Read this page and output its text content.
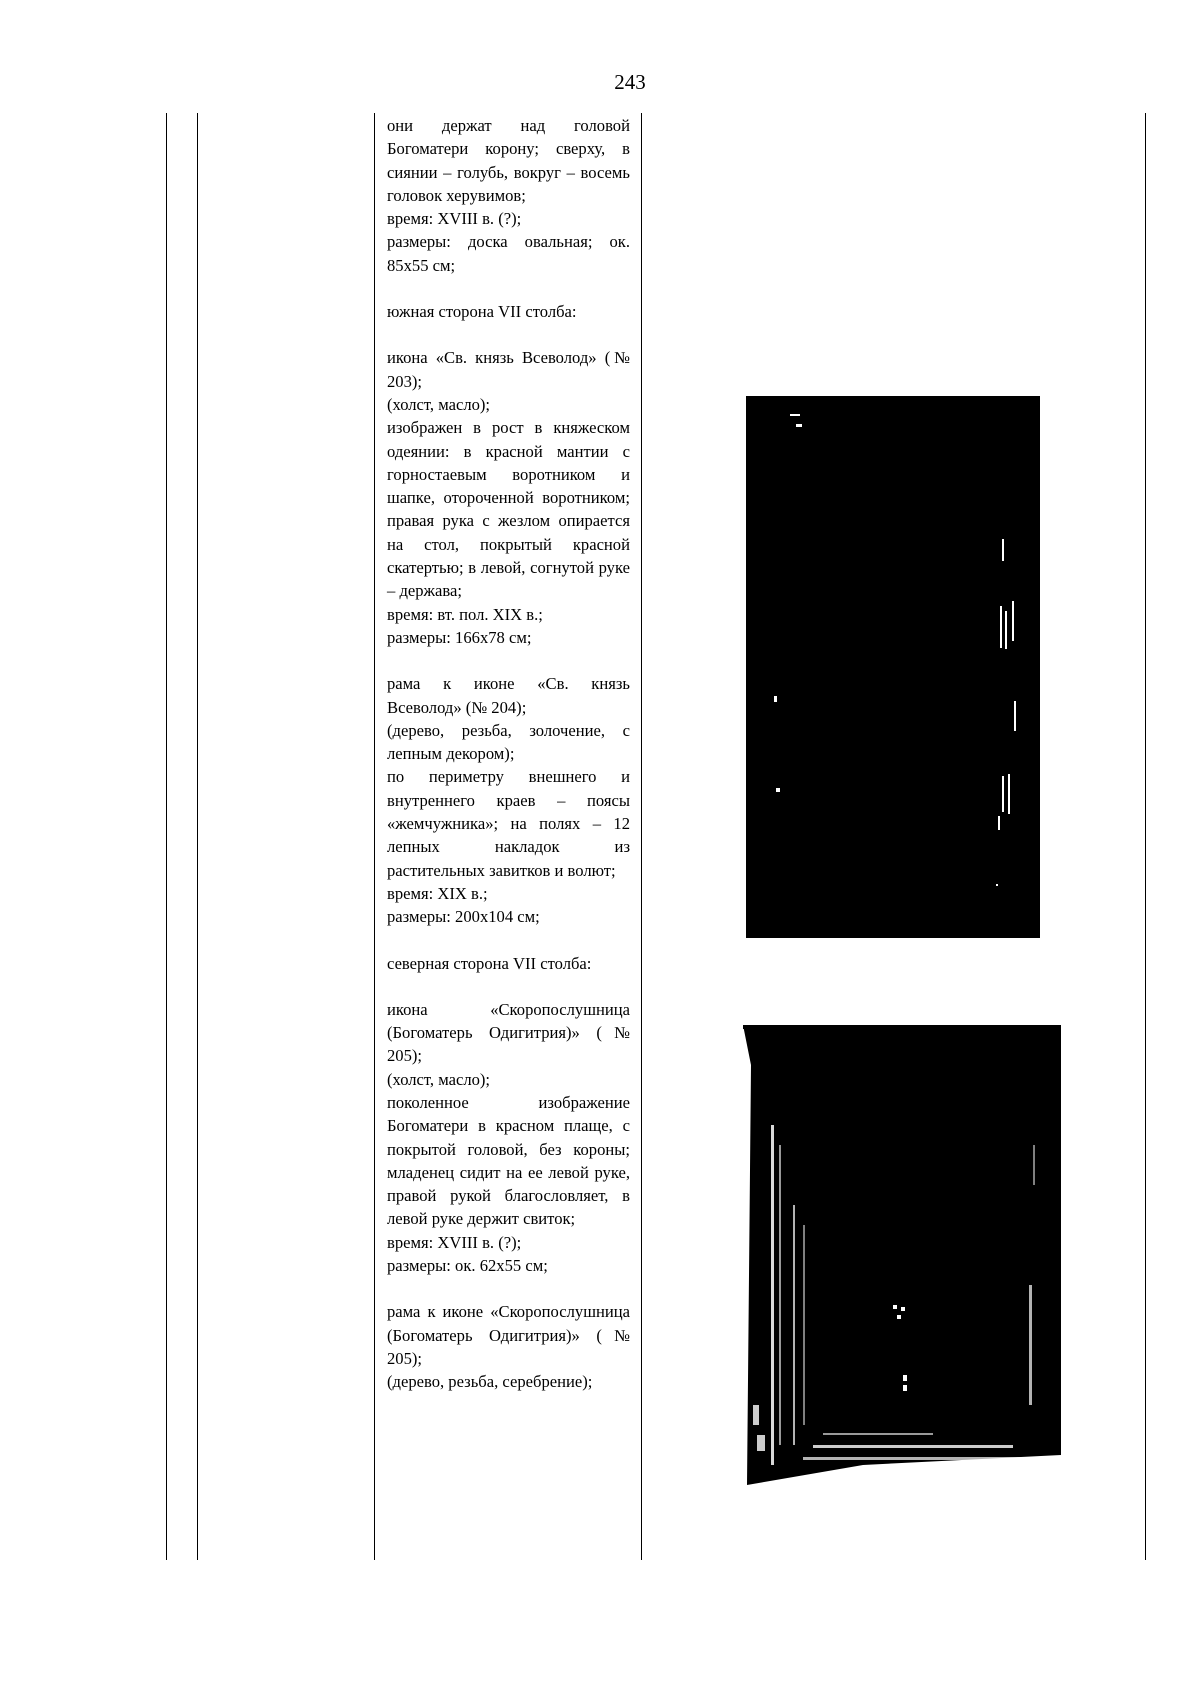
243

они держат над головой Богоматери корону; сверху, в сиянии – голубь, вокруг – восемь головок херувимов;

время: XVIII в. (?);

размеры: доска овальная; ок. 85х55 см;

южная сторона VII столба:

икона «Св. князь Всеволод» (№ 203);

(холст, масло);

изображен в рост в княжеском одеянии: в красной мантии с горностаевым воротником и шапке, отороченной воротником; правая рука с жезлом опирается на стол, покрытый красной скатертью; в левой, согнутой руке – держава;

время: вт. пол. XIX в.;

размеры: 166х78 см;

рама к иконе «Св. князь Всеволод» (№ 204);

(дерево, резьба, золочение, с лепным декором);

по периметру внешнего и внутреннего краев – поясы «жемчужника»; на полях – 12 лепных накладок из растительных завитков и волют;

время: XIX в.;

размеры: 200х104 см;

северная сторона VII столба:

икона «Скоропослушница (Богоматерь Одигитрия)» (№ 205);

(холст, масло);

поколенное изображение Богоматери в красном плаще, с покрытой головой, без короны; младенец сидит на ее левой руке, правой рукой благословляет, в левой руке держит свиток;

время: XVIII в. (?);

размеры: ок. 62х55 см;

рама к иконе «Скоропослушница (Богоматерь Одигитрия)» (№ 205);

(дерево, резьба, серебрение);
